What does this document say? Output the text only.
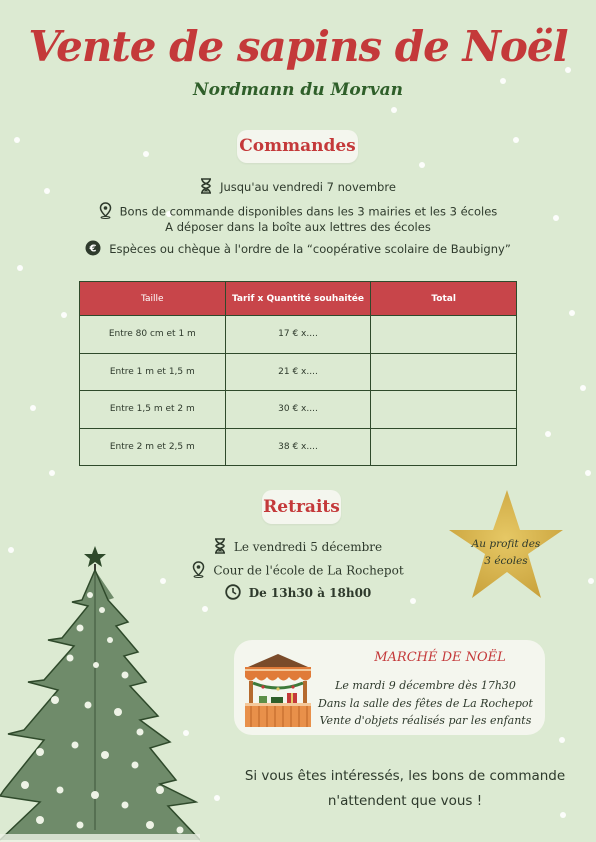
Vente de sapins de Noël
Nordmann du Morvan
Commandes
Jusqu'au vendredi 7 novembre
Bons de commande disponibles dans les 3 mairies et les 3 écoles
A déposer dans la boîte aux lettres des écoles
€ Espèces ou chèque à l'ordre de la “coopérative scolaire de Baubigny”
Taille	Tarif x Quantité souhaitée	Total
Entre 80 cm et 1 m	17 € x....	
Entre 1 m et 1,5 m	21 € x....	
Entre 1,5 m et 2 m	30 € x....	
Entre 2 m et 2,5 m	38 € x....	
Retraits
Le vendredi 5 décembre
Cour de l'école de La Rochepot
De 13h30 à 18h00
Au profit des
3 écoles
MARCHÉ DE NOËL
Le mardi 9 décembre dès 17h30
Dans la salle des fêtes de La Rochepot
Vente d'objets réalisés par les enfants
Si vous êtes intéressés, les bons de commande
n'attendent que vous !
